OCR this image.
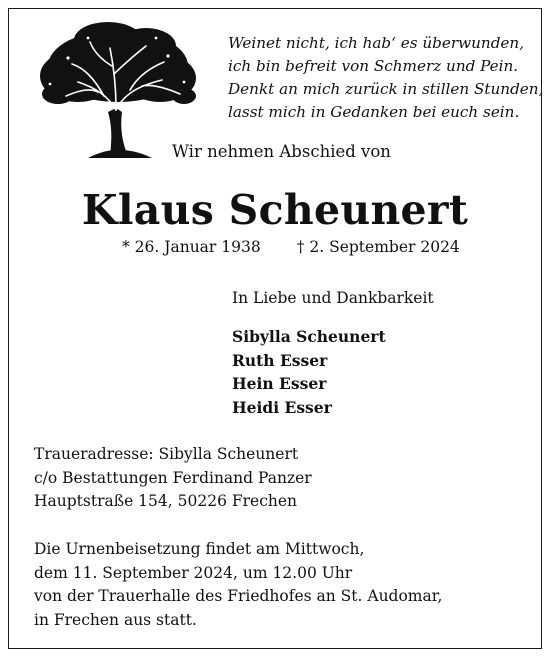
Weinet nicht, ich hab‘ es überwunden,
ich bin befreit von Schmerz und Pein.
Denkt an mich zurück in stillen Stunden,
lasst mich in Gedanken bei euch sein.
Wir nehmen Abschied von
Klaus Scheunert
* 26. Januar 1938 † 2. September 2024
In Liebe und Dankbarkeit
Sibylla Scheunert
Ruth Esser
Hein Esser
Heidi Esser
Traueradresse: Sibylla Scheunert
c/o Bestattungen Ferdinand Panzer
Hauptstraße 154, 50226 Frechen
Die Urnenbeisetzung findet am Mittwoch,
dem 11. September 2024, um 12.00 Uhr
von der Trauerhalle des Friedhofes an St. Audomar,
in Frechen aus statt.
